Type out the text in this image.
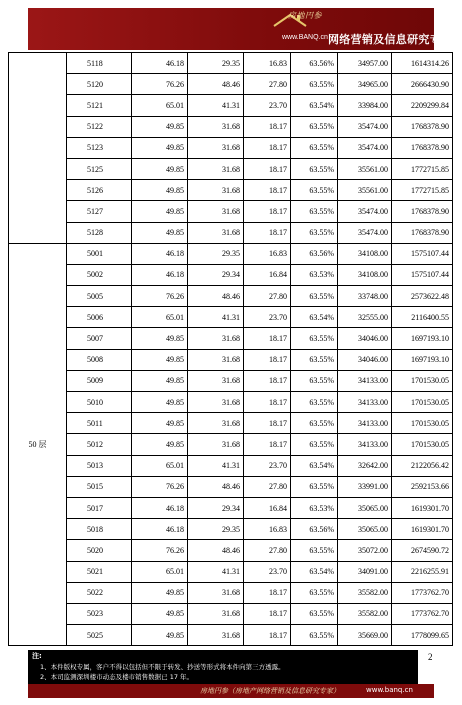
房地円参
www.BANQ.cn 网络营销及信息研究专家
	5118	46.18	29.35	16.83	63.56%	34957.00	1614314.26
	5120	76.26	48.46	27.80	63.55%	34965.00	2666430.90
	5121	65.01	41.31	23.70	63.54%	33984.00	2209299.84
	5122	49.85	31.68	18.17	63.55%	35474.00	1768378.90
	5123	49.85	31.68	18.17	63.55%	35474.00	1768378.90
	5125	49.85	31.68	18.17	63.55%	35561.00	1772715.85
	5126	49.85	31.68	18.17	63.55%	35561.00	1772715.85
	5127	49.85	31.68	18.17	63.55%	35474.00	1768378.90
	5128	49.85	31.68	18.17	63.55%	35474.00	1768378.90
50 层	5001	46.18	29.35	16.83	63.56%	34108.00	1575107.44
	5002	46.18	29.34	16.84	63.53%	34108.00	1575107.44
	5005	76.26	48.46	27.80	63.55%	33748.00	2573622.48
	5006	65.01	41.31	23.70	63.54%	32555.00	2116400.55
	5007	49.85	31.68	18.17	63.55%	34046.00	1697193.10
	5008	49.85	31.68	18.17	63.55%	34046.00	1697193.10
	5009	49.85	31.68	18.17	63.55%	34133.00	1701530.05
	5010	49.85	31.68	18.17	63.55%	34133.00	1701530.05
	5011	49.85	31.68	18.17	63.55%	34133.00	1701530.05
	5012	49.85	31.68	18.17	63.55%	34133.00	1701530.05
	5013	65.01	41.31	23.70	63.54%	32642.00	2122056.42
	5015	76.26	48.46	27.80	63.55%	33991.00	2592153.66
	5017	46.18	29.34	16.84	63.53%	35065.00	1619301.70
	5018	46.18	29.35	16.83	63.56%	35065.00	1619301.70
	5020	76.26	48.46	27.80	63.55%	35072.00	2674590.72
	5021	65.01	41.31	23.70	63.54%	34091.00	2216255.91
	5022	49.85	31.68	18.17	63.55%	35582.00	1773762.70
	5023	49.85	31.68	18.17	63.55%	35582.00	1773762.70
	5025	49.85	31.68	18.17	63.55%	35669.00	1778099.65
注:
1、本件版权专属，客户不得以包括但不限于转发、抄送等形式将本件向第三方透露。
2、本司监测深圳楼市动态及楼市销售数据已 17 年。
房地円参（房地产网络营销及信息研究专家）	www.banq.cn
2
